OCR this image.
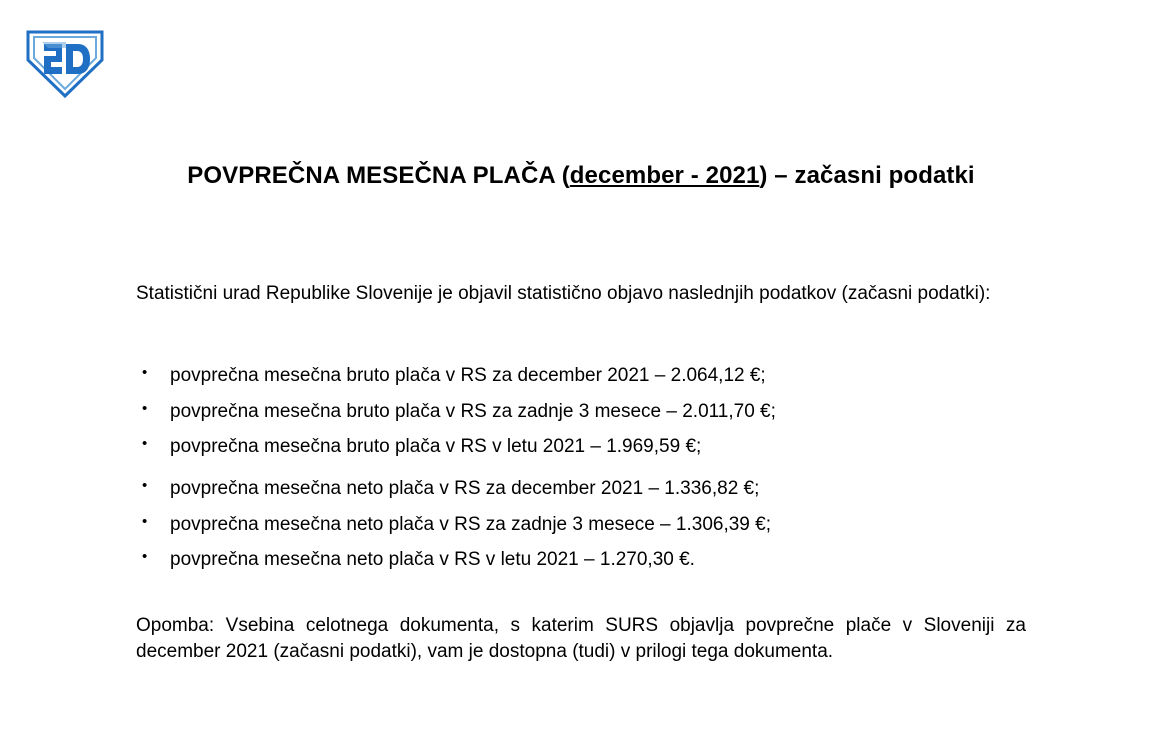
POVPREČNA MESEČNA PLAČA (december - 2021) – začasni podatki
Statistični urad Republike Slovenije je objavil statistično objavo naslednjih podatkov (začasni podatki):
• povprečna mesečna bruto plača v RS za december 2021 – 2.064,12 €;
• povprečna mesečna bruto plača v RS za zadnje 3 mesece – 2.011,70 €;
• povprečna mesečna bruto plača v RS v letu 2021 – 1.969,59 €;
• povprečna mesečna neto plača v RS za december 2021 – 1.336,82 €;
• povprečna mesečna neto plača v RS za zadnje 3 mesece – 1.306,39 €;
• povprečna mesečna neto plača v RS v letu 2021 – 1.270,30 €.
Opomba: Vsebina celotnega dokumenta, s katerim SURS objavlja povprečne plače v Sloveniji za december 2021 (začasni podatki), vam je dostopna (tudi) v prilogi tega dokumenta.
